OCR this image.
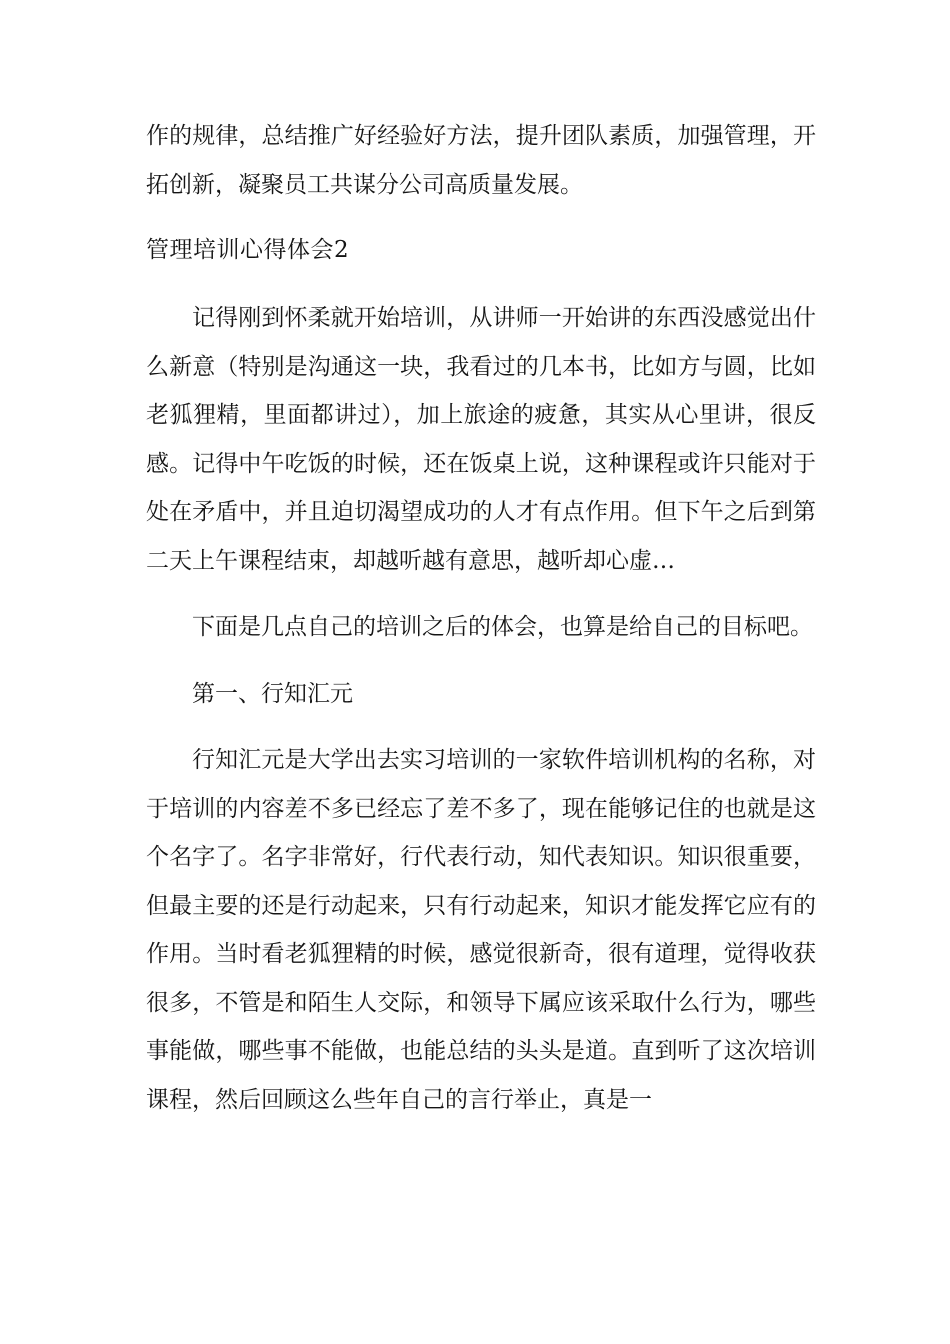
作的规律，总结推广好经验好方法，提升团队素质，加强管理，开拓创新，凝聚员工共谋分公司高质量发展。

管理培训心得体会2

记得刚到怀柔就开始培训，从讲师一开始讲的东西没感觉出什么新意（特别是沟通这一块，我看过的几本书，比如方与圆，比如老狐狸精，里面都讲过），加上旅途的疲惫，其实从心里讲，很反感。记得中午吃饭的时候，还在饭桌上说，这种课程或许只能对于处在矛盾中，并且迫切渴望成功的人才有点作用。但下午之后到第二天上午课程结束，却越听越有意思，越听却心虚…

下面是几点自己的培训之后的体会，也算是给自己的目标吧。

第一、行知汇元

行知汇元是大学出去实习培训的一家软件培训机构的名称，对于培训的内容差不多已经忘了差不多了，现在能够记住的也就是这个名字了。名字非常好，行代表行动，知代表知识。知识很重要，但最主要的还是行动起来，只有行动起来，知识才能发挥它应有的作用。当时看老狐狸精的时候，感觉很新奇，很有道理，觉得收获很多，不管是和陌生人交际，和领导下属应该采取什么行为，哪些事能做，哪些事不能做，也能总结的头头是道。直到听了这次培训课程，然后回顾这么些年自己的言行举止，真是一
